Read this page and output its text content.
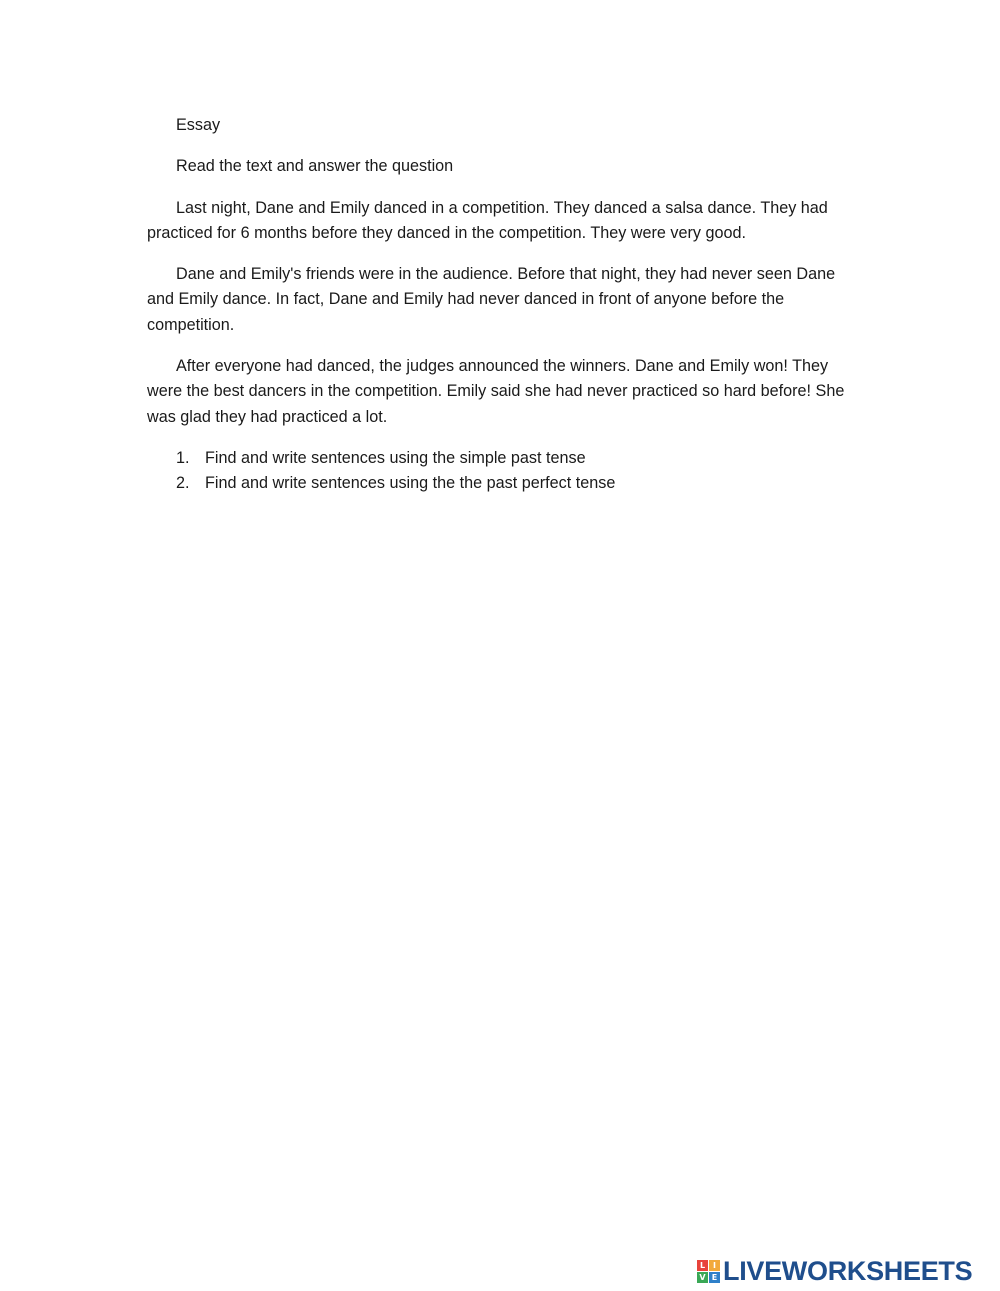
Essay

Read the text and answer the question

Last night, Dane and Emily danced in a competition. They danced a salsa dance. They had practiced for 6 months before they danced in the competition. They were very good.

Dane and Emily's friends were in the audience. Before that night, they had never seen Dane and Emily dance. In fact, Dane and Emily had never danced in front of anyone before the competition.

After everyone had danced, the judges announced the winners. Dane and Emily won! They were the best dancers in the competition. Emily said she had never practiced so hard before! She was glad they had practiced a lot.

1. Find and write sentences using the simple past tense
2. Find and write sentences using the the past perfect tense
L I
V E LIVEWORKSHEETS
